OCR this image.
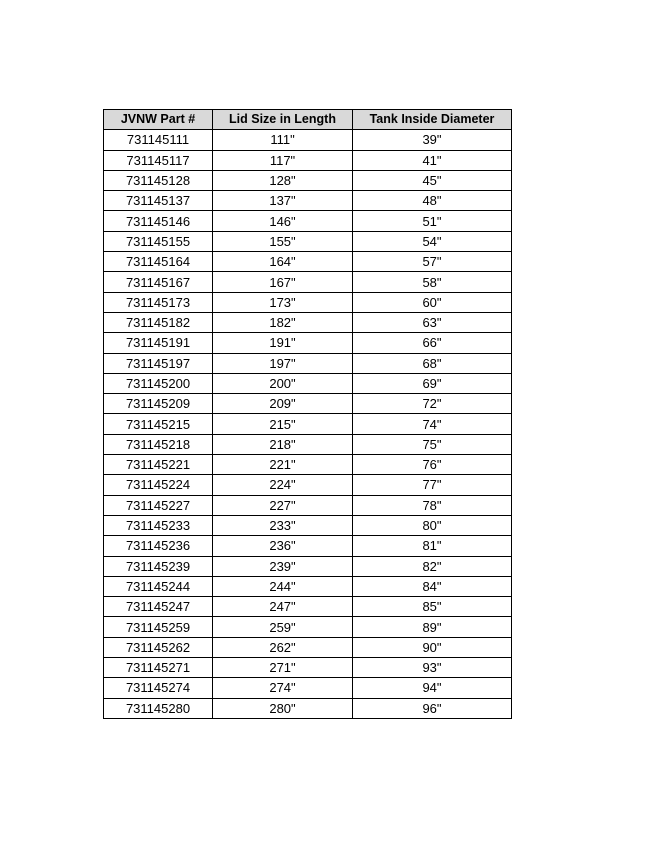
JVNW Part #	Lid Size in Length	Tank Inside Diameter
731145111	111"	39"
731145117	117"	41"
731145128	128"	45"
731145137	137"	48"
731145146	146"	51"
731145155	155"	54"
731145164	164"	57"
731145167	167"	58"
731145173	173"	60"
731145182	182"	63"
731145191	191"	66"
731145197	197"	68"
731145200	200"	69"
731145209	209"	72"
731145215	215"	74"
731145218	218"	75"
731145221	221"	76"
731145224	224"	77"
731145227	227"	78"
731145233	233"	80"
731145236	236"	81"
731145239	239"	82"
731145244	244"	84"
731145247	247"	85"
731145259	259"	89"
731145262	262"	90"
731145271	271"	93"
731145274	274"	94"
731145280	280"	96"
